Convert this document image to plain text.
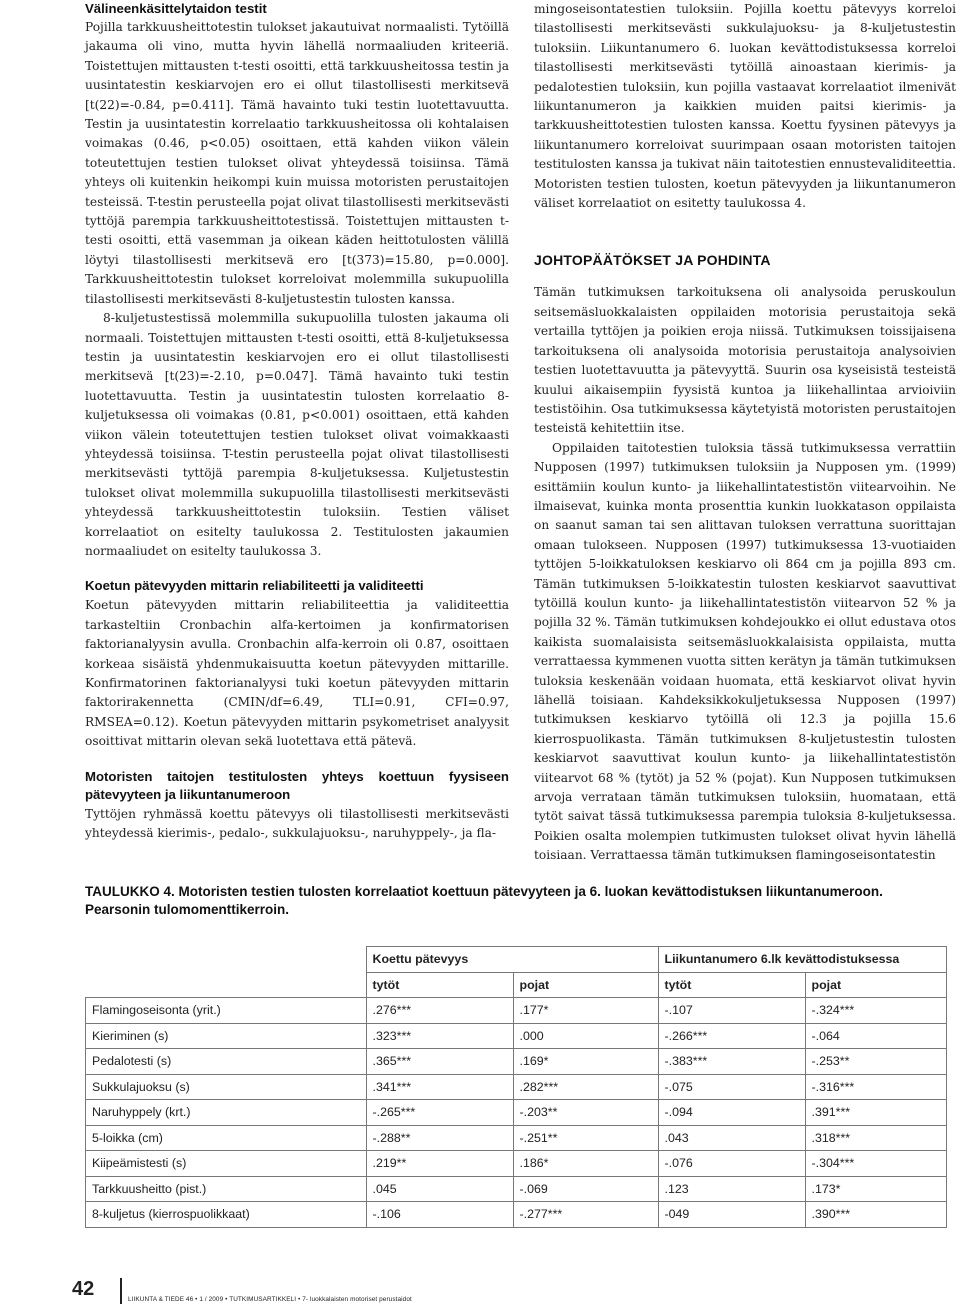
Välineenkäsittelytaidon testit

Pojilla tarkkuusheittotestin tulokset jakautuivat normaalisti. Tytöillä jakauma oli vino, mutta hyvin lähellä normaaliuden kriteeriä. Toistettujen mittausten t-testi osoitti, että tarkkuusheitossa testin ja uusintatestin keskiarvojen ero ei ollut tilastollisesti merkitsevä [t(22)=-0.84, p=0.411]. Tämä havainto tuki testin luotettavuutta. Testin ja uusintatestin korrelaatio tarkkuusheitossa oli kohtalaisen voimakas (0.46, p<0.05) osoittaen, että kahden viikon välein toteutettujen testien tulokset olivat yhteydessä toisiinsa. Tämä yhteys oli kuitenkin heikompi kuin muissa motoristen perustaitojen testeissä. T-testin perusteella pojat olivat tilastollisesti merkitsevästi tyttöjä parempia tarkkuusheittotestissä. Toistettujen mittausten t-testi osoitti, että vasemman ja oikean käden heittotulosten välillä löytyi tilastollisesti merkitsevä ero [t(373)=15.80, p=0.000]. Tarkkuusheittotestin tulokset korreloivat molemmilla sukupuolilla tilastollisesti merkitsevästi 8-kuljetustestin tulosten kanssa.

8-kuljetustestissä molemmilla sukupuolilla tulosten jakauma oli normaali. Toistettujen mittausten t-testi osoitti, että 8-kuljetuksessa testin ja uusintatestin keskiarvojen ero ei ollut tilastollisesti merkitsevä [t(23)=-2.10, p=0.047]. Tämä havainto tuki testin luotettavuutta. Testin ja uusintatestin tulosten korrelaatio 8-kuljetuksessa oli voimakas (0.81, p<0.001) osoittaen, että kahden viikon välein toteutettujen testien tulokset olivat voimakkaasti yhteydessä toisiinsa. T-testin perusteella pojat olivat tilastollisesti merkitsevästi tyttöjä parempia 8-kuljetuksessa. Kuljetustestin tulokset olivat molemmilla sukupuolilla tilastollisesti merkitsevästi yhteydessä tarkkuusheittotestin tuloksiin. Testien väliset korrelaatiot on esitelty taulukossa 2. Testitulosten jakaumien normaaliudet on esitelty taulukossa 3.

Koetun pätevyyden mittarin reliabiliteetti ja validiteetti

Koetun pätevyyden mittarin reliabiliteettia ja validiteettia tarkasteltiin Cronbachin alfa-kertoimen ja konfirmatorisen faktorianalyysin avulla. Cronbachin alfa-kerroin oli 0.87, osoittaen korkeaa sisäistä yhdenmukaisuutta koetun pätevyyden mittarille. Konfirmatorinen faktorianalyysi tuki koetun pätevyyden mittarin faktorirakennetta (CMIN/df=6.49, TLI=0.91, CFI=0.97, RMSEA=0.12). Koetun pätevyyden mittarin psykometriset analyysit osoittivat mittarin olevan sekä luotettava että pätevä.

Motoristen taitojen testitulosten yhteys koettuun fyysiseen pätevyyteen ja liikuntanumeroon

Tyttöjen ryhmässä koettu pätevyys oli tilastollisesti merkitsevästi yhteydessä kierimis-, pedalo-, sukkulajuoksu-, naruhyppely-, ja fla-

mingoseisontatestien tuloksiin. Pojilla koettu pätevyys korreloi tilastollisesti merkitsevästi sukkulajuoksu- ja 8-kuljetustestin tuloksiin. Liikuntanumero 6. luokan kevättodistuksessa korreloi tilastollisesti merkitsevästi tytöillä ainoastaan kierimis- ja pedalotestien tuloksiin, kun pojilla vastaavat korrelaatiot ilmenivät liikuntanumeron ja kaikkien muiden paitsi kierimis- ja tarkkuusheittotestien tulosten kanssa. Koettu fyysinen pätevyys ja liikuntanumero korreloivat suurimpaan osaan motoristen taitojen testitulosten kanssa ja tukivat näin taitotestien ennustevaliditeettia. Motoristen testien tulosten, koetun pätevyyden ja liikuntanumeron väliset korrelaatiot on esitetty taulukossa 4.

JOHTOPÄÄTÖKSET JA POHDINTA

Tämän tutkimuksen tarkoituksena oli analysoida peruskoulun seitsemäsluokkalaisten oppilaiden motorisia perustaitoja sekä vertailla tyttöjen ja poikien eroja niissä. Tutkimuksen toissijaisena tarkoituksena oli analysoida motorisia perustaitoja analysoivien testien luotettavuutta ja pätevyyttä. Suurin osa kyseisistä testeistä kuului aikaisempiin fyysistä kuntoa ja liikehallintaa arvioiviin testistöihin. Osa tutkimuksessa käytetyistä motoristen perustaitojen testeistä kehitettiin itse.

Oppilaiden taitotestien tuloksia tässä tutkimuksessa verrattiin Nupposen (1997) tutkimuksen tuloksiin ja Nupposen ym. (1999) esittämiin koulun kunto- ja liikehallintatestistön viitearvoihin. Ne ilmaisevat, kuinka monta prosenttia kunkin luokkatason oppilaista on saanut saman tai sen alittavan tuloksen verrattuna suorittajan omaan tulokseen. Nupposen (1997) tutkimuksessa 13-vuotiaiden tyttöjen 5-loikkatuloksen keskiarvo oli 864 cm ja pojilla 893 cm. Tämän tutkimuksen 5-loikkatestin tulosten keskiarvot saavuttivat tytöillä koulun kunto- ja liikehallintatestistön viitearvon 52 % ja pojilla 32 %. Tämän tutkimuksen kohdejoukko ei ollut edustava otos kaikista suomalaisista seitsemäsluokkalaisista oppilaista, mutta verrattaessa kymmenen vuotta sitten kerätyn ja tämän tutkimuksen tuloksia keskenään voidaan huomata, että keskiarvot olivat hyvin lähellä toisiaan. Kahdeksikkokuljetuksessa Nupposen (1997) tutkimuksen keskiarvo tytöillä oli 12.3 ja pojilla 15.6 kierrospuolikasta. Tämän tutkimuksen 8-kuljetustestin tulosten keskiarvot saavuttivat koulun kunto- ja liikehallintatestistön viitearvot 68 % (tytöt) ja 52 % (pojat). Kun Nupposen tutkimuksen arvoja verrataan tämän tutkimuksen tuloksiin, huomataan, että tytöt saivat tässä tutkimuksessa parempia tuloksia 8-kuljetuksessa. Poikien osalta molempien tutkimusten tulokset olivat hyvin lähellä toisiaan. Verrattaessa tämän tutkimuksen flamingoseisontatestin

TAULUKKO 4. Motoristen testien tulosten korrelaatiot koettuun pätevyyteen ja 6. luokan kevättodistuksen liikuntanumeroon. Pearsonin tulomomenttikerroin.
	Koettu pätevyys		Liikuntanumero 6.lk kevättodistuksessa	
	tytöt	pojat	tytöt	pojat
Flamingoseisonta (yrit.)	.276***	.177*	-.107	-.324***
Kieriminen (s)	.323***	.000	-.266***	-.064
Pedalotesti (s)	.365***	.169*	-.383***	-.253**
Sukkulajuoksu (s)	.341***	.282***	-.075	-.316***
Naruhyppely (krt.)	-.265***	-.203**	-.094	.391***
5-loikka (cm)	-.288**	-.251**	.043	.318***
Kiipeämistesti (s)	.219**	.186*	-.076	-.304***
Tarkkuusheitto (pist.)	.045	-.069	.123	.173*
8-kuljetus (kierrospuolikkaat)	-.106	-.277***	-049	.390***
42	LIIKUNTA & TIEDE 46 • 1 / 2009 • TUTKIMUSARTIKKELI • 7- luokkalaisten motoriset perustaidot
